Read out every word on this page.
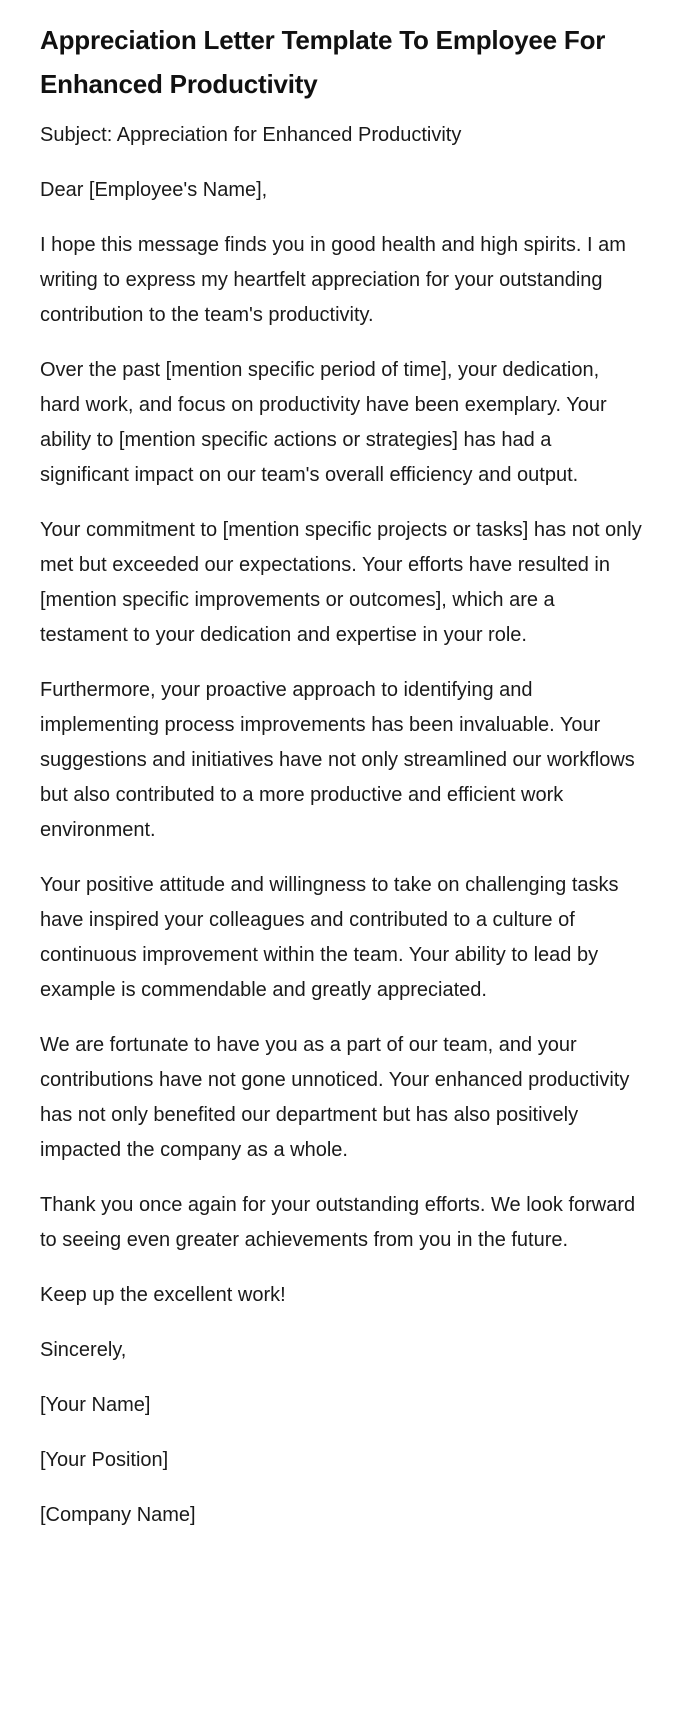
Appreciation Letter Template To Employee For Enhanced Productivity

Subject: Appreciation for Enhanced Productivity

Dear [Employee's Name],

I hope this message finds you in good health and high spirits. I am writing to express my heartfelt appreciation for your outstanding contribution to the team's productivity.

Over the past [mention specific period of time], your dedication, hard work, and focus on productivity have been exemplary. Your ability to [mention specific actions or strategies] has had a significant impact on our team's overall efficiency and output.

Your commitment to [mention specific projects or tasks] has not only met but exceeded our expectations. Your efforts have resulted in [mention specific improvements or outcomes], which are a testament to your dedication and expertise in your role.

Furthermore, your proactive approach to identifying and implementing process improvements has been invaluable. Your suggestions and initiatives have not only streamlined our workflows but also contributed to a more productive and efficient work environment.

Your positive attitude and willingness to take on challenging tasks have inspired your colleagues and contributed to a culture of continuous improvement within the team. Your ability to lead by example is commendable and greatly appreciated.

We are fortunate to have you as a part of our team, and your contributions have not gone unnoticed. Your enhanced productivity has not only benefited our department but has also positively impacted the company as a whole.

Thank you once again for your outstanding efforts. We look forward to seeing even greater achievements from you in the future.

Keep up the excellent work!

Sincerely,

[Your Name]

[Your Position]

[Company Name]
